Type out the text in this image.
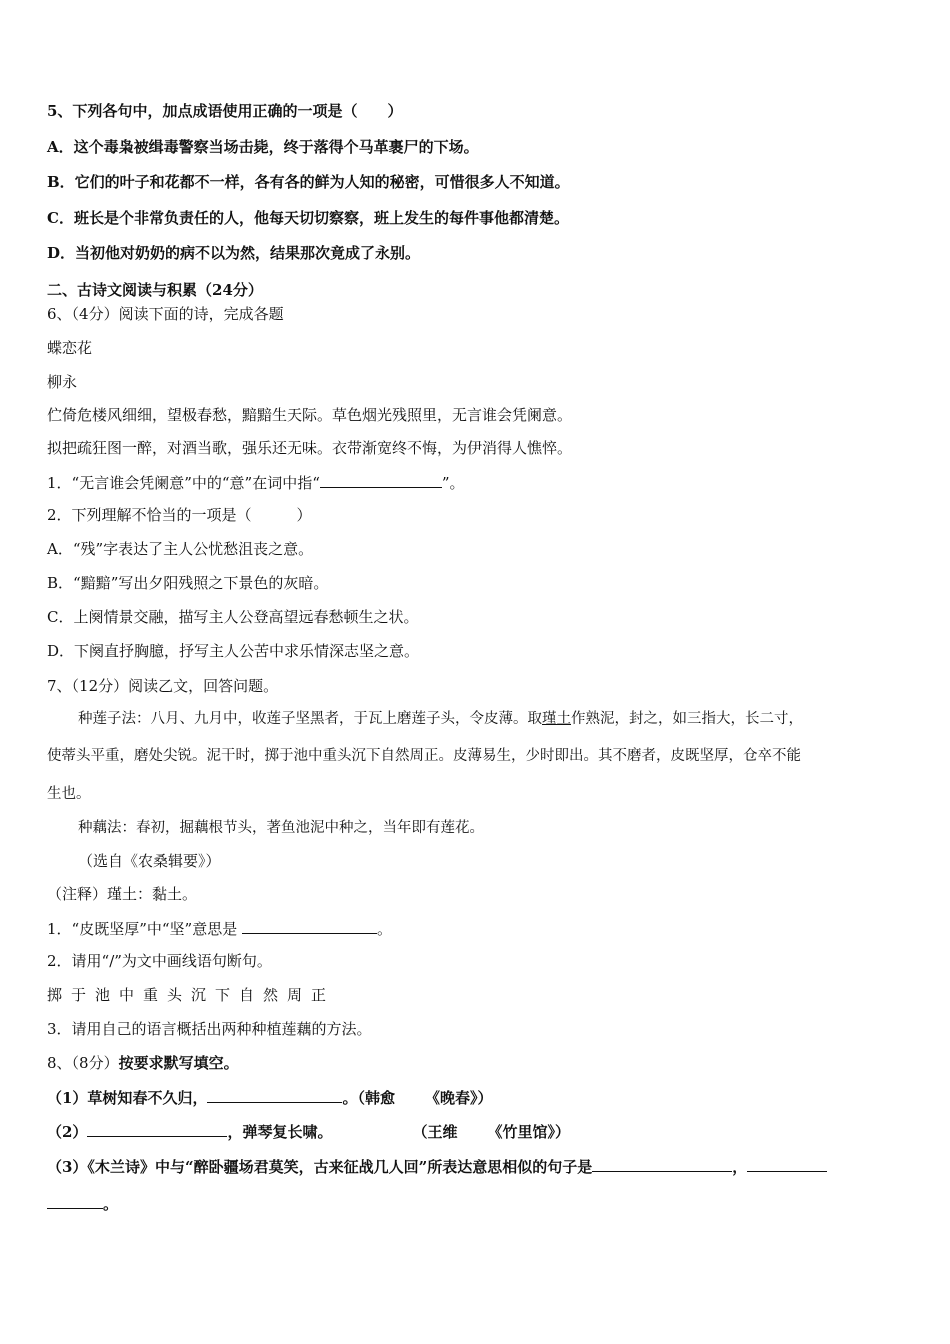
5、下列各句中，加点成语使用正确的一项是（　　）
A．这个毒枭被缉毒警察当场击毙，终于落得个马革裹尸的下场。
B．它们的叶子和花都不一样，各有各的鲜为人知的秘密，可惜很多人不知道。
C．班长是个非常负责任的人，他每天切切察察，班上发生的每件事他都清楚。
D．当初他对奶奶的病不以为然，结果那次竟成了永别。
二、古诗文阅读与积累（24分）
6、（4分）阅读下面的诗，完成各题
蝶恋花
柳永
伫倚危楼风细细，望极春愁，黯黯生天际。草色烟光残照里，无言谁会凭阑意。
拟把疏狂图一醉，对酒当歌，强乐还无味。衣带渐宽终不悔，为伊消得人憔悴。
1．“无言谁会凭阑意”中的“意”在词中指“	”。
2．下列理解不恰当的一项是（　　　）
A．“残”字表达了主人公忧愁沮丧之意。
B．“黯黯”写出夕阳残照之下景色的灰暗。
C．上阕情景交融，描写主人公登高望远春愁顿生之状。
D．下阕直抒胸臆，抒写主人公苦中求乐情深志坚之意。
7、（12分）阅读乙文，回答问题。
种莲子法：八月、九月中，收莲子坚黑者，于瓦上磨莲子头，令皮薄。取瑾土作熟泥，封之，如三指大，长二寸，
使蒂头平重，磨处尖锐。泥干时，掷于池中重头沉下自然周正。皮薄易生，少时即出。其不磨者，皮既坚厚，仓卒不能
生也。
种藕法：春初，掘藕根节头，著鱼池泥中种之，当年即有莲花。
（选自《农桑辑要》）
（注释）瑾土：黏土。
1．“皮既坚厚”中“坚”意思是	。
2．请用“/”为文中画线语句断句。
掷于池中重头沉下自然周正
3．请用自己的语言概括出两种种植莲藕的方法。
8、（8分）按要求默写填空。
（1）草树知春不久归，	。（韩愈 《晚春》）
（2）	，弹琴复长啸。	（王维 《竹里馆》）
（3）《木兰诗》中与“醉卧疆场君莫笑，古来征战几人回”所表达意思相似的句子是	，
。
